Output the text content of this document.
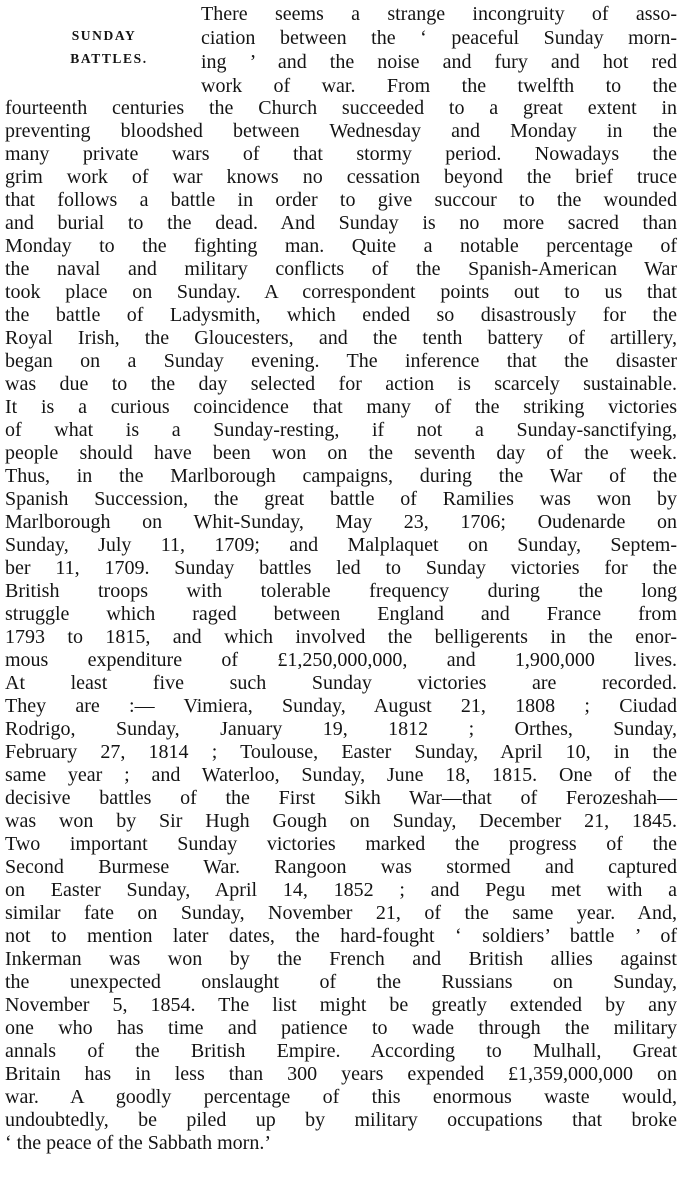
SUNDAY
BATTLES.
There seems a strange incongruity of asso-
ciation between the ‘ peaceful Sunday morn-
ing ’ and the noise and fury and hot red
work of war. From the twelfth to the
fourteenth centuries the Church succeeded to a great extent in
preventing bloodshed between Wednesday and Monday in the
many private wars of that stormy period. Nowadays the
grim work of war knows no cessation beyond the brief truce
that follows a battle in order to give succour to the wounded
and burial to the dead. And Sunday is no more sacred than
Monday to the fighting man. Quite a notable percentage of
the naval and military conflicts of the Spanish-American War
took place on Sunday. A correspondent points out to us that
the battle of Ladysmith, which ended so disastrously for the
Royal Irish, the Gloucesters, and the tenth battery of artillery,
began on a Sunday evening. The inference that the disaster
was due to the day selected for action is scarcely sustainable.
It is a curious coincidence that many of the striking victories
of what is a Sunday-resting, if not a Sunday-sanctifying,
people should have been won on the seventh day of the week.
Thus, in the Marlborough campaigns, during the War of the
Spanish Succession, the great battle of Ramilies was won by
Marlborough on Whit-Sunday, May 23, 1706; Oudenarde on
Sunday, July 11, 1709; and Malplaquet on Sunday, Septem-
ber 11, 1709. Sunday battles led to Sunday victories for the
British troops with tolerable frequency during the long
struggle which raged between England and France from
1793 to 1815, and which involved the belligerents in the enor-
mous expenditure of £1,250,000,000, and 1,900,000 lives.
At least five such Sunday victories are recorded.
They are :— Vimiera, Sunday, August 21, 1808 ; Ciudad
Rodrigo, Sunday, January 19, 1812 ; Orthes, Sunday,
February 27, 1814 ; Toulouse, Easter Sunday, April 10, in the
same year ; and Waterloo, Sunday, June 18, 1815. One of the
decisive battles of the First Sikh War—that of Ferozeshah—
was won by Sir Hugh Gough on Sunday, December 21, 1845.
Two important Sunday victories marked the progress of the
Second Burmese War. Rangoon was stormed and captured
on Easter Sunday, April 14, 1852 ; and Pegu met with a
similar fate on Sunday, November 21, of the same year. And,
not to mention later dates, the hard-fought ‘ soldiers’ battle ’ of
Inkerman was won by the French and British allies against
the unexpected onslaught of the Russians on Sunday,
November 5, 1854. The list might be greatly extended by any
one who has time and patience to wade through the military
annals of the British Empire. According to Mulhall, Great
Britain has in less than 300 years expended £1,359,000,000 on
war. A goodly percentage of this enormous waste would,
undoubtedly, be piled up by military occupations that broke
‘ the peace of the Sabbath morn.’
